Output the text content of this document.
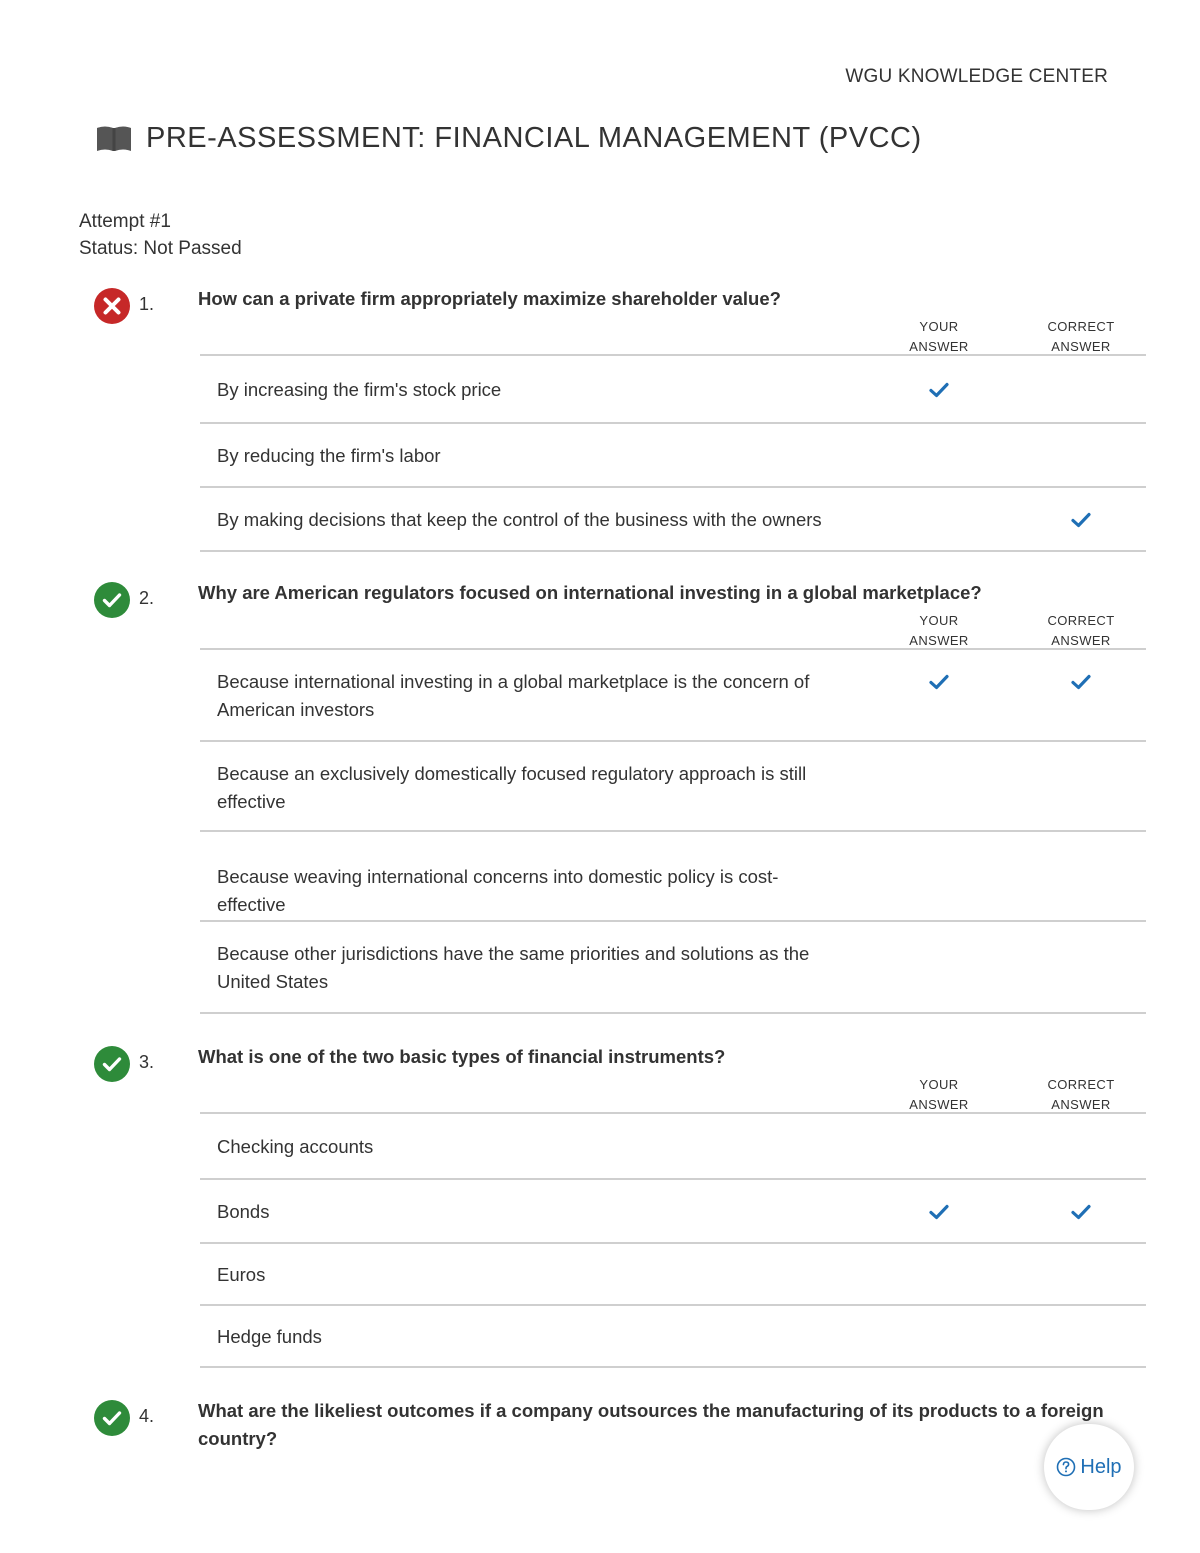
WGU KNOWLEDGE CENTER
PRE-ASSESSMENT: FINANCIAL MANAGEMENT (PVCC)
Attempt #1
Status: Not Passed
1. How can a private firm appropriately maximize shareholder value?
YOUR
ANSWER
CORRECT
ANSWER
By increasing the firm's stock price
By reducing the firm's labor
By making decisions that keep the control of the business with the owners
2. Why are American regulators focused on international investing in a global marketplace?
YOUR
ANSWER
CORRECT
ANSWER
Because international investing in a global marketplace is the concern of American investors
Because an exclusively domestically focused regulatory approach is still effective
Because weaving international concerns into domestic policy is cost-effective
Because other jurisdictions have the same priorities and solutions as the United States
3. What is one of the two basic types of financial instruments?
YOUR
ANSWER
CORRECT
ANSWER
Checking accounts
Bonds
Euros
Hedge funds
4. What are the likeliest outcomes if a company outsources the manufacturing of its products to a foreign country?
Help
